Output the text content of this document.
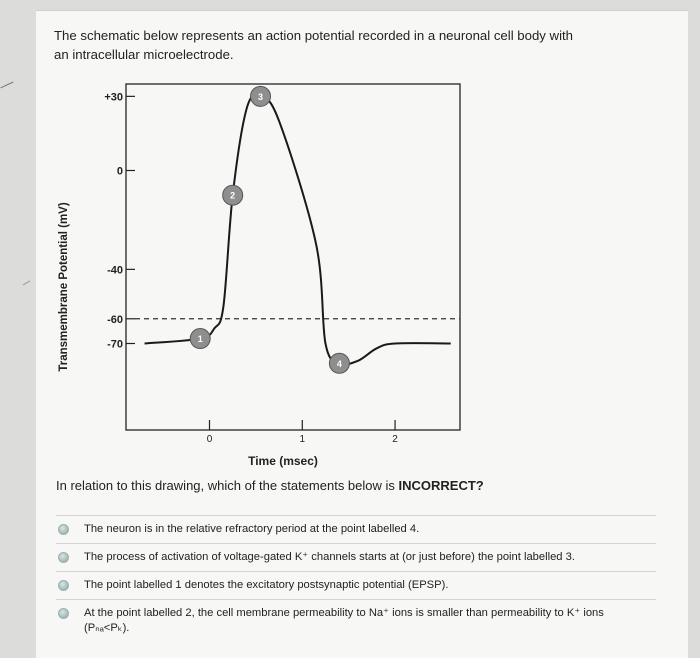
The schematic below represents an action potential recorded in a neuronal cell body with
an intracellular microelectrode.
+30
0
-40
-60
-70
0	1	2
Time (msec)
Transmembrane Potential (mV)	1
2
3
4
In relation to this drawing, which of the statements below is INCORRECT?
The neuron is in the relative refractory period at the point labelled 4.
The process of activation of voltage-gated K⁺ channels starts at (or just before) the point labelled 3.
The point labelled 1 denotes the excitatory postsynaptic potential (EPSP).
At the point labelled 2, the cell membrane permeability to Na⁺ ions is smaller than permeability to K⁺ ions
(Pₙₐ<Pₖ).
